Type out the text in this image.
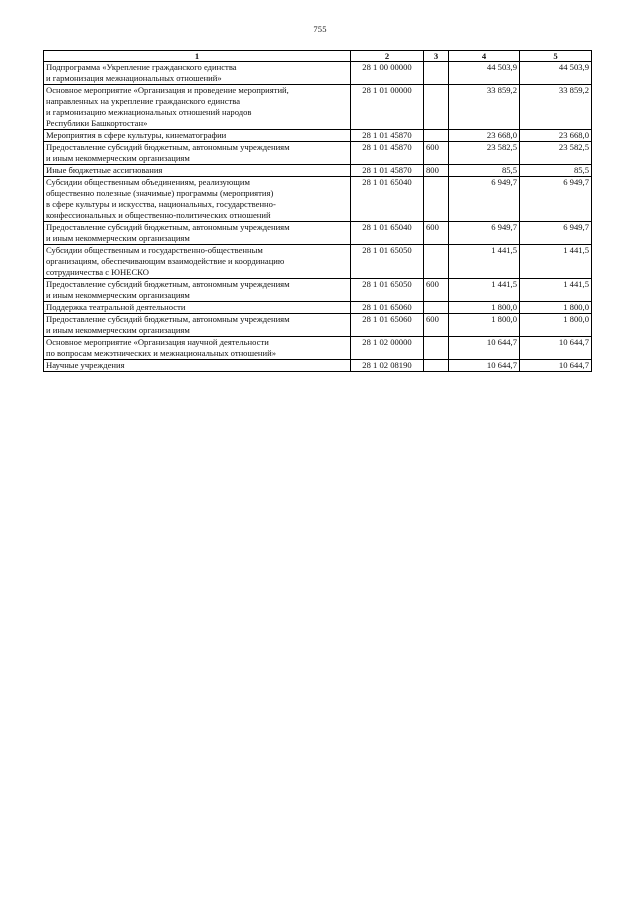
755
1	2	3	4	5
Подпрограмма «Укрепление гражданского единства
и гармонизация межнациональных отношений»	28 1 00 00000		44 503,9	44 503,9
Основное мероприятие «Организация и проведение мероприятий,
направленных на укрепление гражданского единства
и гармонизацию межнациональных отношений народов
Республики Башкортостан»	28 1 01 00000		33 859,2	33 859,2
Мероприятия в сфере культуры, кинематографии	28 1 01 45870		23 668,0	23 668,0
Предоставление субсидий бюджетным, автономным учреждениям
и иным некоммерческим организациям	28 1 01 45870	600	23 582,5	23 582,5
Иные бюджетные ассигнования	28 1 01 45870	800	85,5	85,5
Субсидии общественным объединениям, реализующим
общественно полезные (значимые) программы (мероприятия)
в сфере культуры и искусства, национальных, государственно-
конфессиональных и общественно-политических отношений	28 1 01 65040		6 949,7	6 949,7
Предоставление субсидий бюджетным, автономным учреждениям
и иным некоммерческим организациям	28 1 01 65040	600	6 949,7	6 949,7
Субсидии общественным и государственно-общественным
организациям, обеспечивающим взаимодействие и координацию
сотрудничества с ЮНЕСКО	28 1 01 65050		1 441,5	1 441,5
Предоставление субсидий бюджетным, автономным учреждениям
и иным некоммерческим организациям	28 1 01 65050	600	1 441,5	1 441,5
Поддержка театральной деятельности	28 1 01 65060		1 800,0	1 800,0
Предоставление субсидий бюджетным, автономным учреждениям
и иным некоммерческим организациям	28 1 01 65060	600	1 800,0	1 800,0
Основное мероприятие «Организация научной деятельности
по вопросам межэтнических и межнациональных отношений»	28 1 02 00000		10 644,7	10 644,7
Научные учреждения	28 1 02 08190		10 644,7	10 644,7
